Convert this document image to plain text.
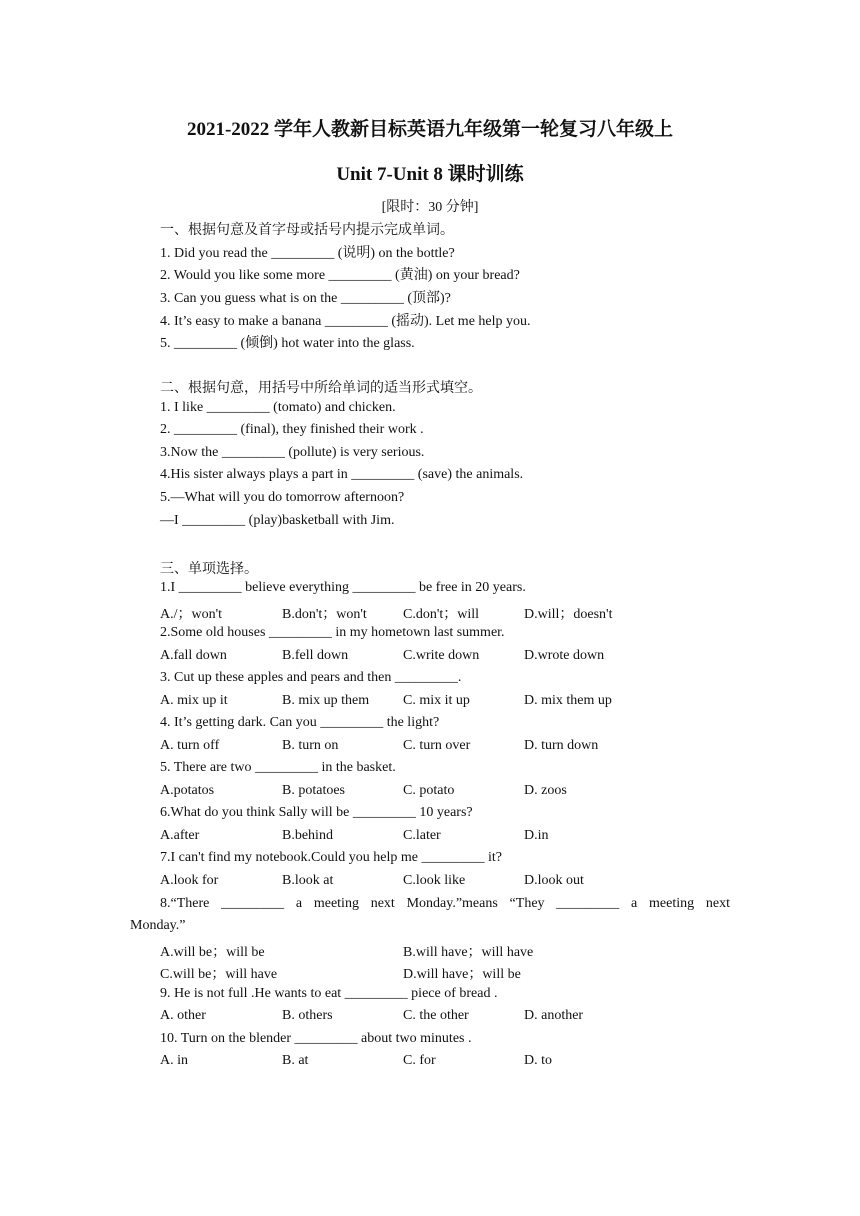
2021-2022 学年人教新目标英语九年级第一轮复习八年级上
Unit 7-Unit 8 课时训练
[限时：30 分钟]
一、根据句意及首字母或括号内提示完成单词。
1. Did you read the _________ (说明) on the bottle?
2. Would you like some more _________ (黄油) on your bread?
3. Can you guess what is on the _________ (顶部)?
4. It’s easy to make a banana _________ (摇动). Let me help you.
5. _________ (倾倒) hot water into the glass.
二、根据句意，用括号中所给单词的适当形式填空。
1. I like _________ (tomato) and chicken.
2. _________ (final), they finished their work .
3.Now the _________ (pollute) is very serious.
4.His sister always plays a part in _________ (save) the animals.
5.—What will you do tomorrow afternoon?
—I _________ (play)basketball with Jim.
三、单项选择。
1.I _________ believe everything _________ be free in 20 years.
A./；won't	B.don't；won't	C.don't；will	D.will；doesn't
2.Some old houses _________ in my hometown last summer.
A.fall down	B.fell down	C.write down	D.wrote down
3. Cut up these apples and pears and then _________.
A. mix up it	B. mix up them C. mix it up	D. mix them up
4. It’s getting dark. Can you _________ the light?
A. turn off	B. turn on	C. turn over	D. turn down
5. There are two _________ in the basket.
A.potatos	B. potatoes	C. potato	D. zoos
6.What do you think Sally will be _________ 10 years?
A.after	B.behind	C.later	D.in
7.I can't find my notebook.Could you help me _________ it?
A.look for	B.look at	C.look like	D.look out
8.“There _________ a meeting next Monday.”means “They _________ a meeting next
Monday.”
A.will be；will be	B.will have；will have
C.will be；will have	D.will have；will be
9. He is not full .He wants to eat _________ piece of bread .
A. other	B. others	C. the other	D. another
10. Turn on the blender _________ about two minutes .
A. in	B. at	C. for	D. to
